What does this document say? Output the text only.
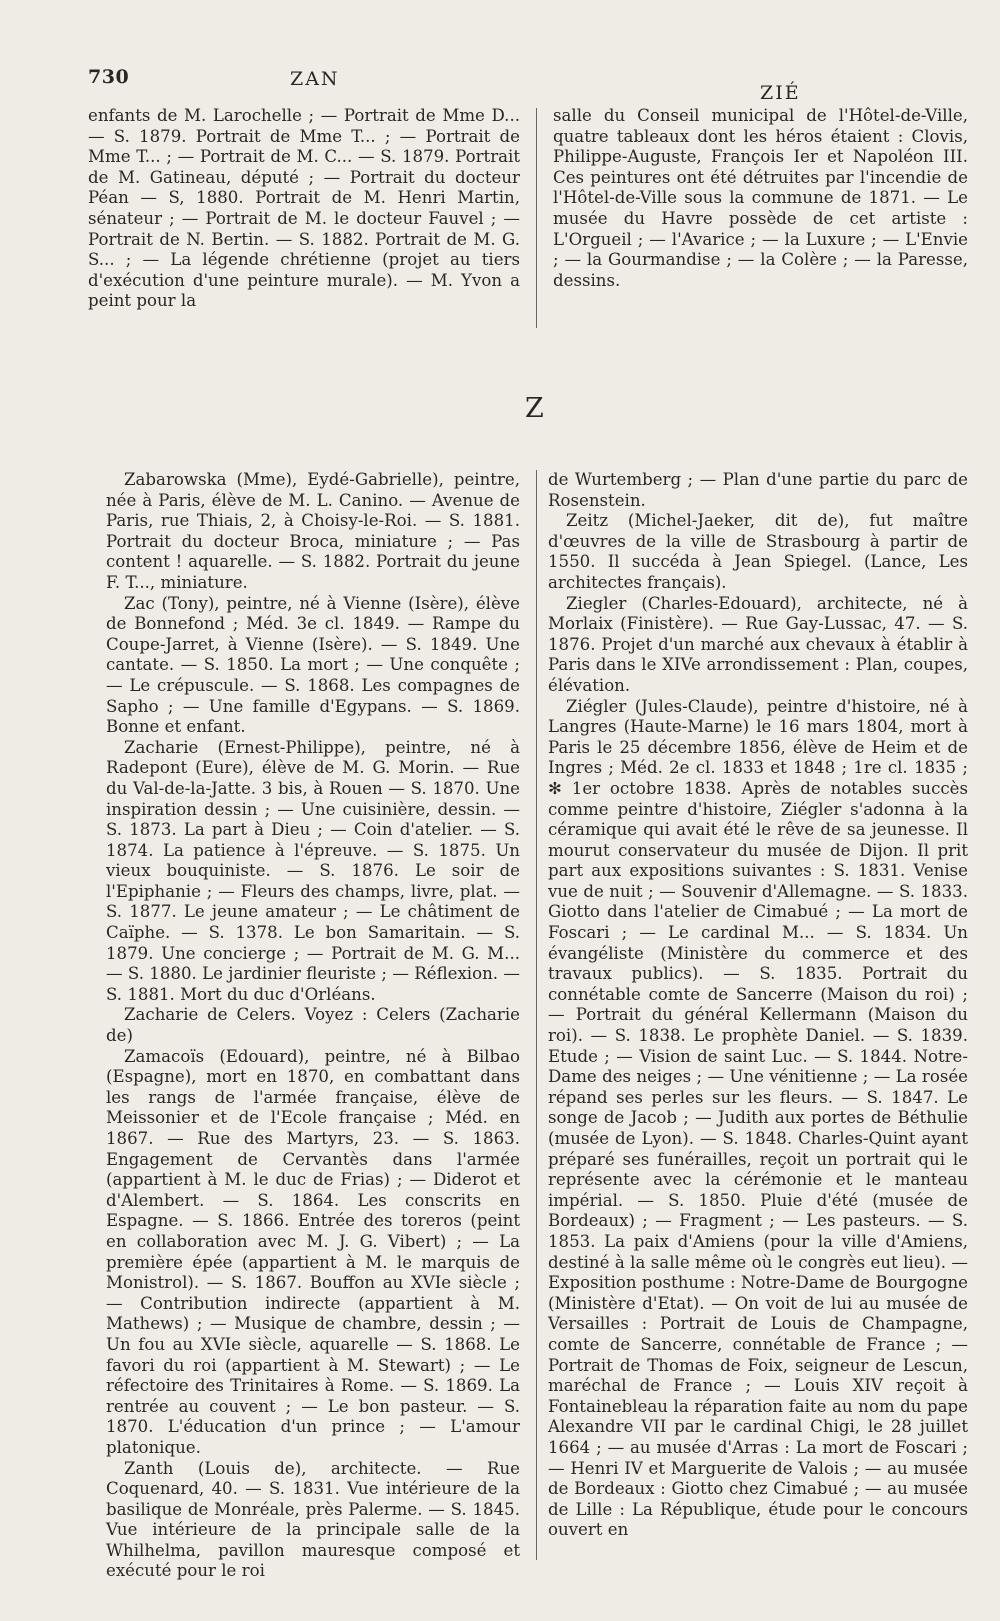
730	ZAN
ZIÉ

enfants de M. Larochelle ; — Portrait de Mme D... — S. 1879. Portrait de Mme T... ; — Portrait de Mme T... ; — Portrait de M. C... — S. 1879. Portrait de M. Gatineau, député ; — Portrait du docteur Péan — S, 1880. Portrait de M. Henri Martin, sénateur ; — Portrait de M. le docteur Fauvel ; — Portrait de N. Bertin. — S. 1882. Portrait de M. G. S... ; — La légende chrétienne (projet au tiers d'exécution d'une peinture murale). — M. Yvon a peint pour la

salle du Conseil municipal de l'Hôtel-de-Ville, quatre tableaux dont les héros étaient : Clovis, Philippe-Auguste, François Ier et Napoléon III. Ces peintures ont été détruites par l'incendie de l'Hôtel-de-Ville sous la commune de 1871. — Le musée du Havre possède de cet artiste : L'Orgueil ; — l'Avarice ; — la Luxure ; — L'Envie ; — la Gourmandise ; — la Colère ; — la Paresse, dessins.

Z

Zabarowska (Mme), Eydé-Gabrielle), peintre, née à Paris, élève de M. L. Canino. — Avenue de Paris, rue Thiais, 2, à Choisy-le-Roi. — S. 1881. Portrait du docteur Broca, miniature ; — Pas content ! aquarelle. — S. 1882. Portrait du jeune F. T..., miniature.

Zac (Tony), peintre, né à Vienne (Isère), élève de Bonnefond ; Méd. 3e cl. 1849. — Rampe du Coupe-Jarret, à Vienne (Isère). — S. 1849. Une cantate. — S. 1850. La mort ; — Une conquête ; — Le crépuscule. — S. 1868. Les compagnes de Sapho ; — Une famille d'Egypans. — S. 1869. Bonne et enfant.

Zacharie (Ernest-Philippe), peintre, né à Radepont (Eure), élève de M. G. Morin. — Rue du Val-de-la-Jatte. 3 bis, à Rouen — S. 1870. Une inspiration dessin ; — Une cuisinière, dessin. — S. 1873. La part à Dieu ; — Coin d'atelier. — S. 1874. La patience à l'épreuve. — S. 1875. Un vieux bouquiniste. — S. 1876. Le soir de l'Epiphanie ; — Fleurs des champs, livre, plat. — S. 1877. Le jeune amateur ; — Le châtiment de Caïphe. — S. 1378. Le bon Samaritain. — S. 1879. Une concierge ; — Portrait de M. G. M... — S. 1880. Le jardinier fleuriste ; — Réflexion. — S. 1881. Mort du duc d'Orléans.

Zacharie de Celers. Voyez : Celers (Zacharie de)

Zamacoïs (Edouard), peintre, né à Bilbao (Espagne), mort en 1870, en combattant dans les rangs de l'armée française, élève de Meissonier et de l'Ecole française ; Méd. en 1867. — Rue des Martyrs, 23. — S. 1863. Engagement de Cervantès dans l'armée (appartient à M. le duc de Frias) ; — Diderot et d'Alembert. — S. 1864. Les conscrits en Espagne. — S. 1866. Entrée des toreros (peint en collaboration avec M. J. G. Vibert) ; — La première épée (appartient à M. le marquis de Monistrol). — S. 1867. Bouffon au XVIe siècle ; — Contribution indirecte (appartient à M. Mathews) ; — Musique de chambre, dessin ; — Un fou au XVIe siècle, aquarelle — S. 1868. Le favori du roi (appartient à M. Stewart) ; — Le réfectoire des Trinitaires à Rome. — S. 1869. La rentrée au couvent ; — Le bon pasteur. — S. 1870. L'éducation d'un prince ; — L'amour platonique.

Zanth (Louis de), architecte. — Rue Coquenard, 40. — S. 1831. Vue intérieure de la basilique de Monréale, près Palerme. — S. 1845. Vue intérieure de la principale salle de la Whilhelma, pavillon mauresque composé et exécuté pour le roi

de Wurtemberg ; — Plan d'une partie du parc de Rosenstein.

Zeitz (Michel-Jaeker, dit de), fut maître d'œuvres de la ville de Strasbourg à partir de 1550. Il succéda à Jean Spiegel. (Lance, Les architectes français).

Ziegler (Charles-Edouard), architecte, né à Morlaix (Finistère). — Rue Gay-Lussac, 47. — S. 1876. Projet d'un marché aux chevaux à établir à Paris dans le XIVe arrondissement : Plan, coupes, élévation.

Ziégler (Jules-Claude), peintre d'histoire, né à Langres (Haute-Marne) le 16 mars 1804, mort à Paris le 25 décembre 1856, élève de Heim et de Ingres ; Méd. 2e cl. 1833 et 1848 ; 1re cl. 1835 ; ✻ 1er octobre 1838. Après de notables succès comme peintre d'histoire, Ziégler s'adonna à la céramique qui avait été le rêve de sa jeunesse. Il mourut conservateur du musée de Dijon. Il prit part aux expositions suivantes : S. 1831. Venise vue de nuit ; — Souvenir d'Allemagne. — S. 1833. Giotto dans l'atelier de Cimabué ; — La mort de Foscari ; — Le cardinal M... — S. 1834. Un évangéliste (Ministère du commerce et des travaux publics). — S. 1835. Portrait du connétable comte de Sancerre (Maison du roi) ; — Portrait du général Kellermann (Maison du roi). — S. 1838. Le prophète Daniel. — S. 1839. Etude ; — Vision de saint Luc. — S. 1844. Notre-Dame des neiges ; — Une vénitienne ; — La rosée répand ses perles sur les fleurs. — S. 1847. Le songe de Jacob ; — Judith aux portes de Béthulie (musée de Lyon). — S. 1848. Charles-Quint ayant préparé ses funérailles, reçoit un portrait qui le représente avec la cérémonie et le manteau impérial. — S. 1850. Pluie d'été (musée de Bordeaux) ; — Fragment ; — Les pasteurs. — S. 1853. La paix d'Amiens (pour la ville d'Amiens, destiné à la salle même où le congrès eut lieu). — Exposition posthume : Notre-Dame de Bourgogne (Ministère d'Etat). — On voit de lui au musée de Versailles : Portrait de Louis de Champagne, comte de Sancerre, connétable de France ; — Portrait de Thomas de Foix, seigneur de Lescun, maréchal de France ; — Louis XIV reçoit à Fontainebleau la réparation faite au nom du pape Alexandre VII par le cardinal Chigi, le 28 juillet 1664 ; — au musée d'Arras : La mort de Foscari ; — Henri IV et Marguerite de Valois ; — au musée de Bordeaux : Giotto chez Cimabué ; — au musée de Lille : La République, étude pour le concours ouvert en
